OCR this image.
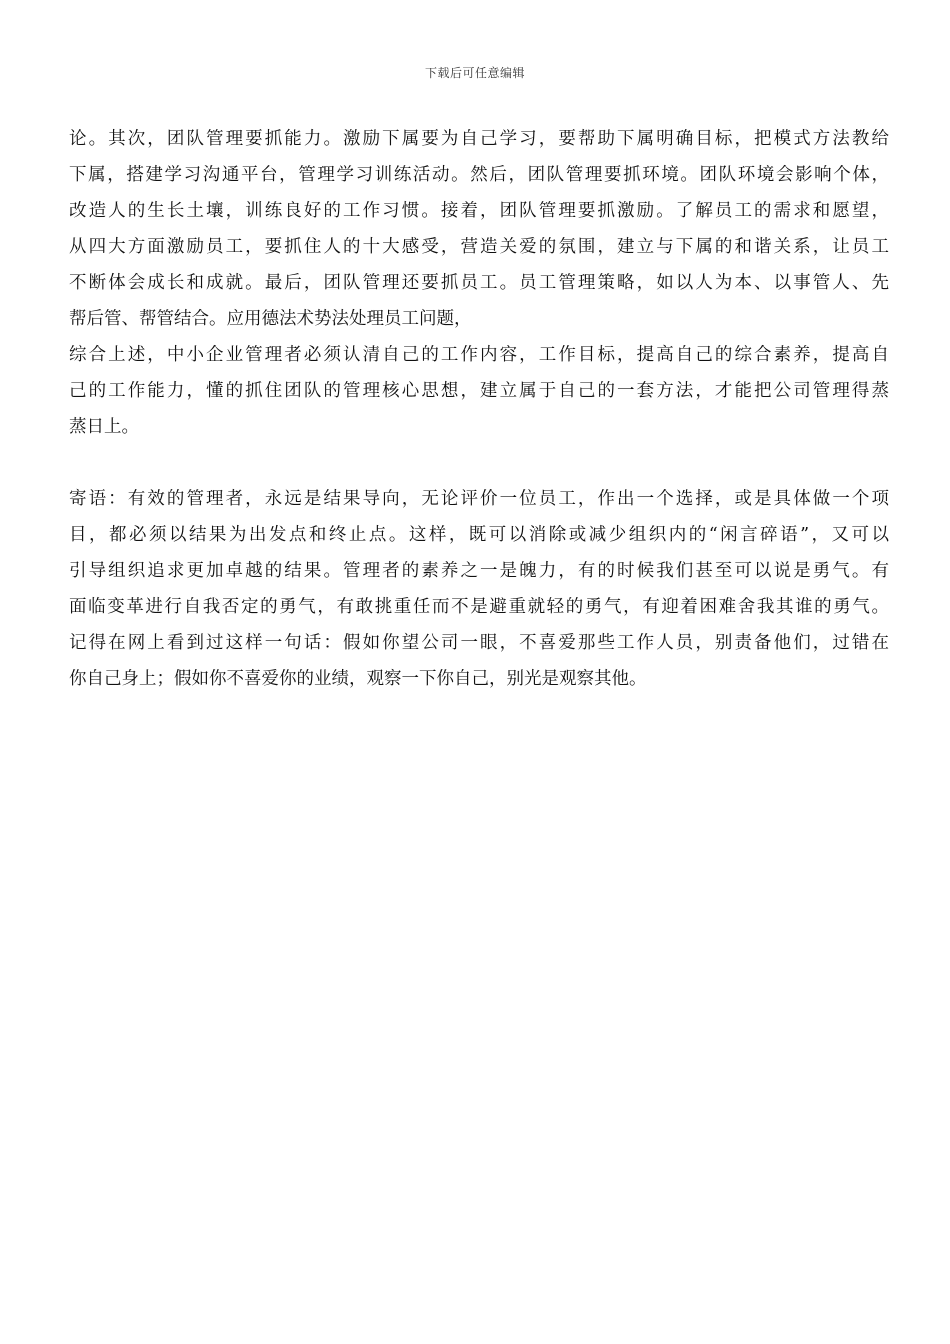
下载后可任意编辑
论。其次，团队管理要抓能力。激励下属要为自己学习，要帮助下属明确目标，把模式方法教给
下属，搭建学习沟通平台，管理学习训练活动。然后，团队管理要抓环境。团队环境会影响个体，
改造人的生长土壤，训练良好的工作习惯。接着，团队管理要抓激励。了解员工的需求和愿望，
从四大方面激励员工，要抓住人的十大感受，营造关爱的氛围，建立与下属的和谐关系，让员工
不断体会成长和成就。最后，团队管理还要抓员工。员工管理策略，如以人为本、以事管人、先
帮后管、帮管结合。应用德法术势法处理员工问题，
综合上述，中小企业管理者必须认清自己的工作内容，工作目标，提高自己的综合素养，提高自
己的工作能力，懂的抓住团队的管理核心思想，建立属于自己的一套方法，才能把公司管理得蒸
蒸日上。
寄语：有效的管理者，永远是结果导向，无论评价一位员工，作出一个选择，或是具体做一个项
目，都必须以结果为出发点和终止点。这样，既可以消除或减少组织内的“闲言碎语”，又可以
引导组织追求更加卓越的结果。管理者的素养之一是魄力，有的时候我们甚至可以说是勇气。有
面临变革进行自我否定的勇气，有敢挑重任而不是避重就轻的勇气，有迎着困难舍我其谁的勇气。
记得在网上看到过这样一句话：假如你望公司一眼，不喜爱那些工作人员，别责备他们，过错在
你自己身上；假如你不喜爱你的业绩，观察一下你自己，别光是观察其他。
